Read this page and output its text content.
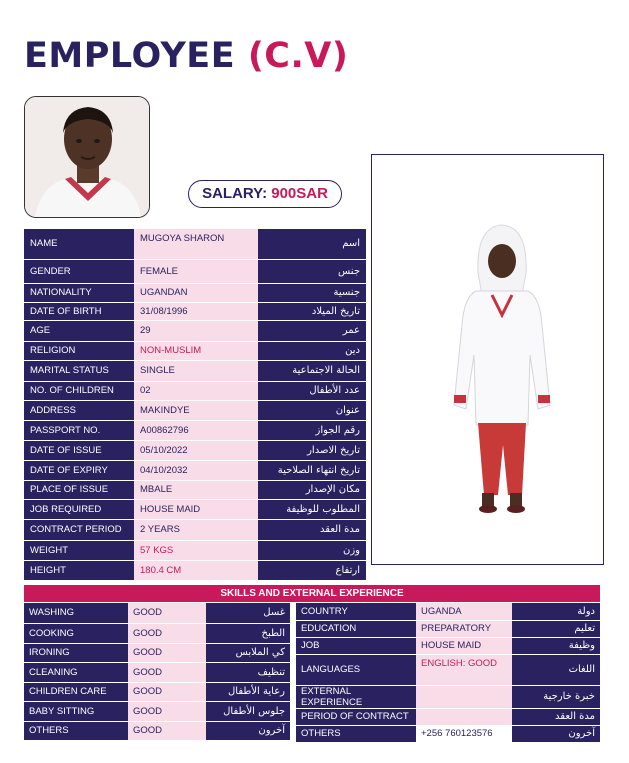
EMPLOYEE (C.V)
SALARY: 900SAR
NAME	MUGOYA SHARON	اسم
GENDER	FEMALE	جنس
NATIONALITY	UGANDAN	جنسية
DATE OF BIRTH	31/08/1996	تاريخ الميلاد
AGE	29	عمر
RELIGION	NON-MUSLIM	دين
MARITAL STATUS	SINGLE	الحالة الاجتماعية
NO. OF CHILDREN	02	عدد الأطفال
ADDRESS	MAKINDYE	عنوان
PASSPORT NO.	A00862796	رقم الجواز
DATE OF ISSUE	05/10/2022	تاريخ الاصدار
DATE OF EXPIRY	04/10/2032	تاريخ انتهاء الصلاحية
PLACE OF ISSUE	MBALE	مكان الإصدار
JOB REQUIRED	HOUSE MAID	المطلوب للوظيفة
CONTRACT PERIOD	2 YEARS	مدة العقد
WEIGHT	57 KGS	وزن
HEIGHT	180.4 CM	ارتفاع
SKILLS AND EXTERNAL EXPERIENCE
WASHING	GOOD	غسل
COOKING	GOOD	الطبخ
IRONING	GOOD	كي الملابس
CLEANING	GOOD	تنظيف
CHILDREN CARE	GOOD	رعاية الأطفال
BABY SITTING	GOOD	جلوس الأطفال
OTHERS	GOOD	آخرون
COUNTRY	UGANDA	دولة
EDUCATION	PREPARATORY	تعليم
JOB	HOUSE MAID	وظيفة
LANGUAGES	ENGLISH: GOOD	اللغات
EXTERNAL EXPERIENCE		خبرة خارجية
PERIOD OF CONTRACT		مدة العقد
OTHERS	+256 760123576	آخرون
